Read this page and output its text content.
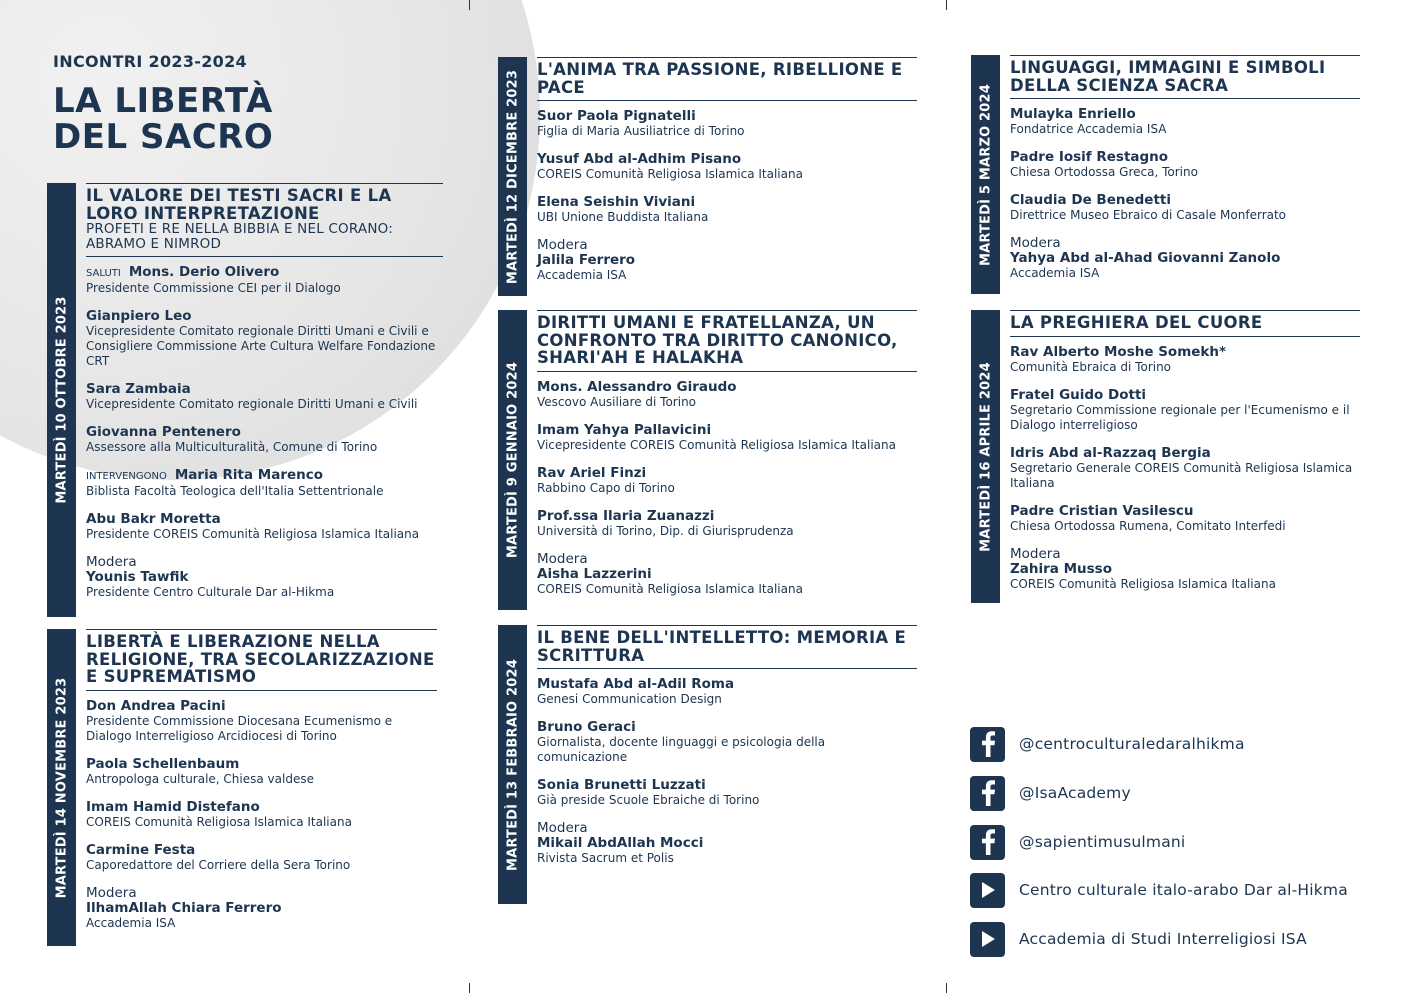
INCONTRI 2023-2024
LA LIBERTÀ
DEL SACRO
MARTEDÌ 10 OTTOBRE 2023
IL VALORE DEI TESTI SACRI E LA LORO INTERPRETAZIONE
PROFETI E RE NELLA BIBBIA E NEL CORANO: ABRAMO E NIMROD
SALUTI Mons. Derio Olivero
Presidente Commissione CEI per il Dialogo
Gianpiero Leo
Vicepresidente Comitato regionale Diritti Umani e Civili e Consigliere Commissione Arte Cultura Welfare Fondazione CRT
Sara Zambaia
Vicepresidente Comitato regionale Diritti Umani e Civili
Giovanna Pentenero
Assessore alla Multiculturalità, Comune di Torino
INTERVENGONO Maria Rita Marenco
Biblista Facoltà Teologica dell'Italia Settentrionale
Abu Bakr Moretta
Presidente COREIS Comunità Religiosa Islamica Italiana
Modera
Younis Tawfik
Presidente Centro Culturale Dar al-Hikma
MARTEDÌ 14 NOVEMBRE 2023
LIBERTÀ E LIBERAZIONE NELLA RELIGIONE, TRA SECOLARIZZAZIONE E SUPREMATISMO
Don Andrea Pacini
Presidente Commissione Diocesana Ecumenismo e Dialogo Interreligioso Arcidiocesi di Torino
Paola Schellenbaum
Antropologa culturale, Chiesa valdese
Imam Hamid Distefano
COREIS Comunità Religiosa Islamica Italiana
Carmine Festa
Caporedattore del Corriere della Sera Torino
Modera
IlhamAllah Chiara Ferrero
Accademia ISA
MARTEDÌ 12 DICEMBRE 2023 L'ANIMA TRA PASSIONE, RIBELLIONE E PACE
Suor Paola Pignatelli
Figlia di Maria Ausiliatrice di Torino
Yusuf Abd al-Adhim Pisano
COREIS Comunità Religiosa Islamica Italiana
Elena Seishin Viviani
UBI Unione Buddista Italiana
Modera
Jalila Ferrero
Accademia ISA
MARTEDÌ 9 GENNAIO 2024
DIRITTI UMANI E FRATELLANZA, UN CONFRONTO TRA DIRITTO CANONICO, SHARI'AH E HALAKHA
Mons. Alessandro Giraudo
Vescovo Ausiliare di Torino
Imam Yahya Pallavicini
Vicepresidente COREIS Comunità Religiosa Islamica Italiana
Rav Ariel Finzi
Rabbino Capo di Torino
Prof.ssa Ilaria Zuanazzi
Università di Torino, Dip. di Giurisprudenza
Modera
Aisha Lazzerini
COREIS Comunità Religiosa Islamica Italiana
MARTEDÌ 13 FEBBRAIO 2024
IL BENE DELL'INTELLETTO: MEMORIA E SCRITTURA
Mustafa Abd al-Adil Roma
Genesi Communication Design
Bruno Geraci
Giornalista, docente linguaggi e psicologia della comunicazione
Sonia Brunetti Luzzati
Già preside Scuole Ebraiche di Torino
Modera
Mikail AbdAllah Mocci
Rivista Sacrum et Polis
MARTEDÌ 5 MARZO 2024
LINGUAGGI, IMMAGINI E SIMBOLI DELLA SCIENZA SACRA
Mulayka Enriello
Fondatrice Accademia ISA
Padre Iosif Restagno
Chiesa Ortodossa Greca, Torino
Claudia De Benedetti
Direttrice Museo Ebraico di Casale Monferrato
Modera
Yahya Abd al-Ahad Giovanni Zanolo
Accademia ISA
MARTEDÌ 16 APRILE 2024
LA PREGHIERA DEL CUORE
Rav Alberto Moshe Somekh*
Comunità Ebraica di Torino
Fratel Guido Dotti
Segretario Commissione regionale per l'Ecumenismo e il Dialogo interreligioso
Idris Abd al-Razzaq Bergia
Segretario Generale COREIS Comunità Religiosa Islamica Italiana
Padre Cristian Vasilescu
Chiesa Ortodossa Rumena, Comitato Interfedi
Modera
Zahira Musso
COREIS Comunità Religiosa Islamica Italiana
@centroculturaledaralhikma
@IsaAcademy
@sapientimusulmani
Centro culturale italo-arabo Dar al-Hikma
Accademia di Studi Interreligiosi ISA
